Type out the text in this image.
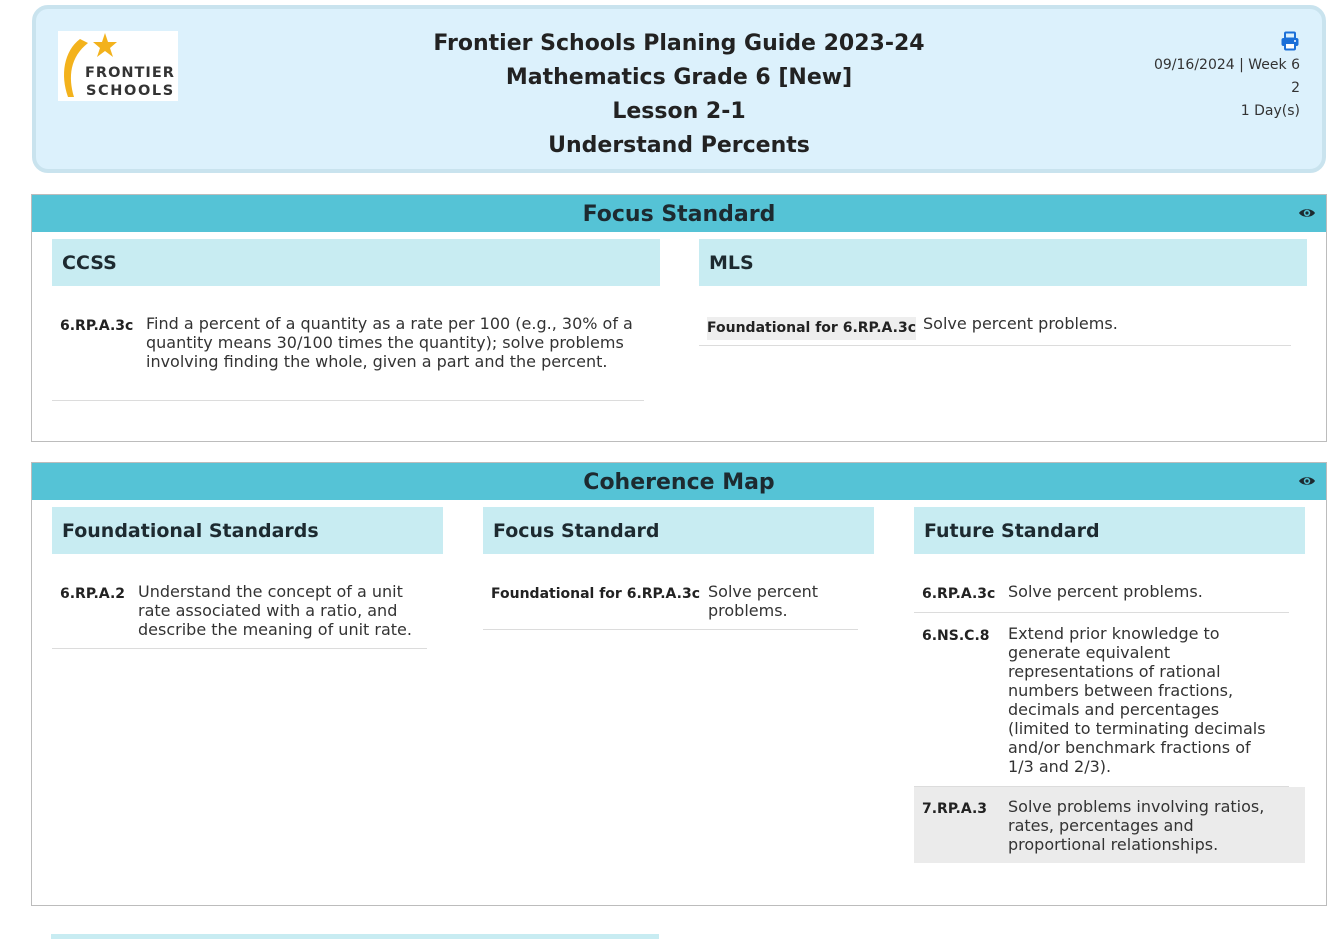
FRONTIER
SCHOOLS
Frontier Schools Planing Guide 2023-24
Mathematics Grade 6 [New]
Lesson 2-1
Understand Percents
09/16/2024 | Week 6
2
1 Day(s)
Focus Standard
CCSS
6.RP.A.3c Find a percent of a quantity as a rate per 100 (e.g., 30% of a quantity means 30/100 times the quantity); solve problems involving finding the whole, given a part and the percent.
MLS
Foundational for 6.RP.A.3c Solve percent problems.
Coherence Map
Foundational Standards
6.RP.A.2 Understand the concept of a unit rate associated with a ratio, and describe the meaning of unit rate.
Focus Standard
Foundational for 6.RP.A.3c Solve percent problems.
Future Standard
6.RP.A.3c Solve percent problems.
6.NS.C.8 Extend prior knowledge to generate equivalent representations of rational numbers between fractions, decimals and percentages (limited to terminating decimals and/or benchmark fractions of 1/3 and 2/3).
7.RP.A.3 Solve problems involving ratios, rates, percentages and proportional relationships.
